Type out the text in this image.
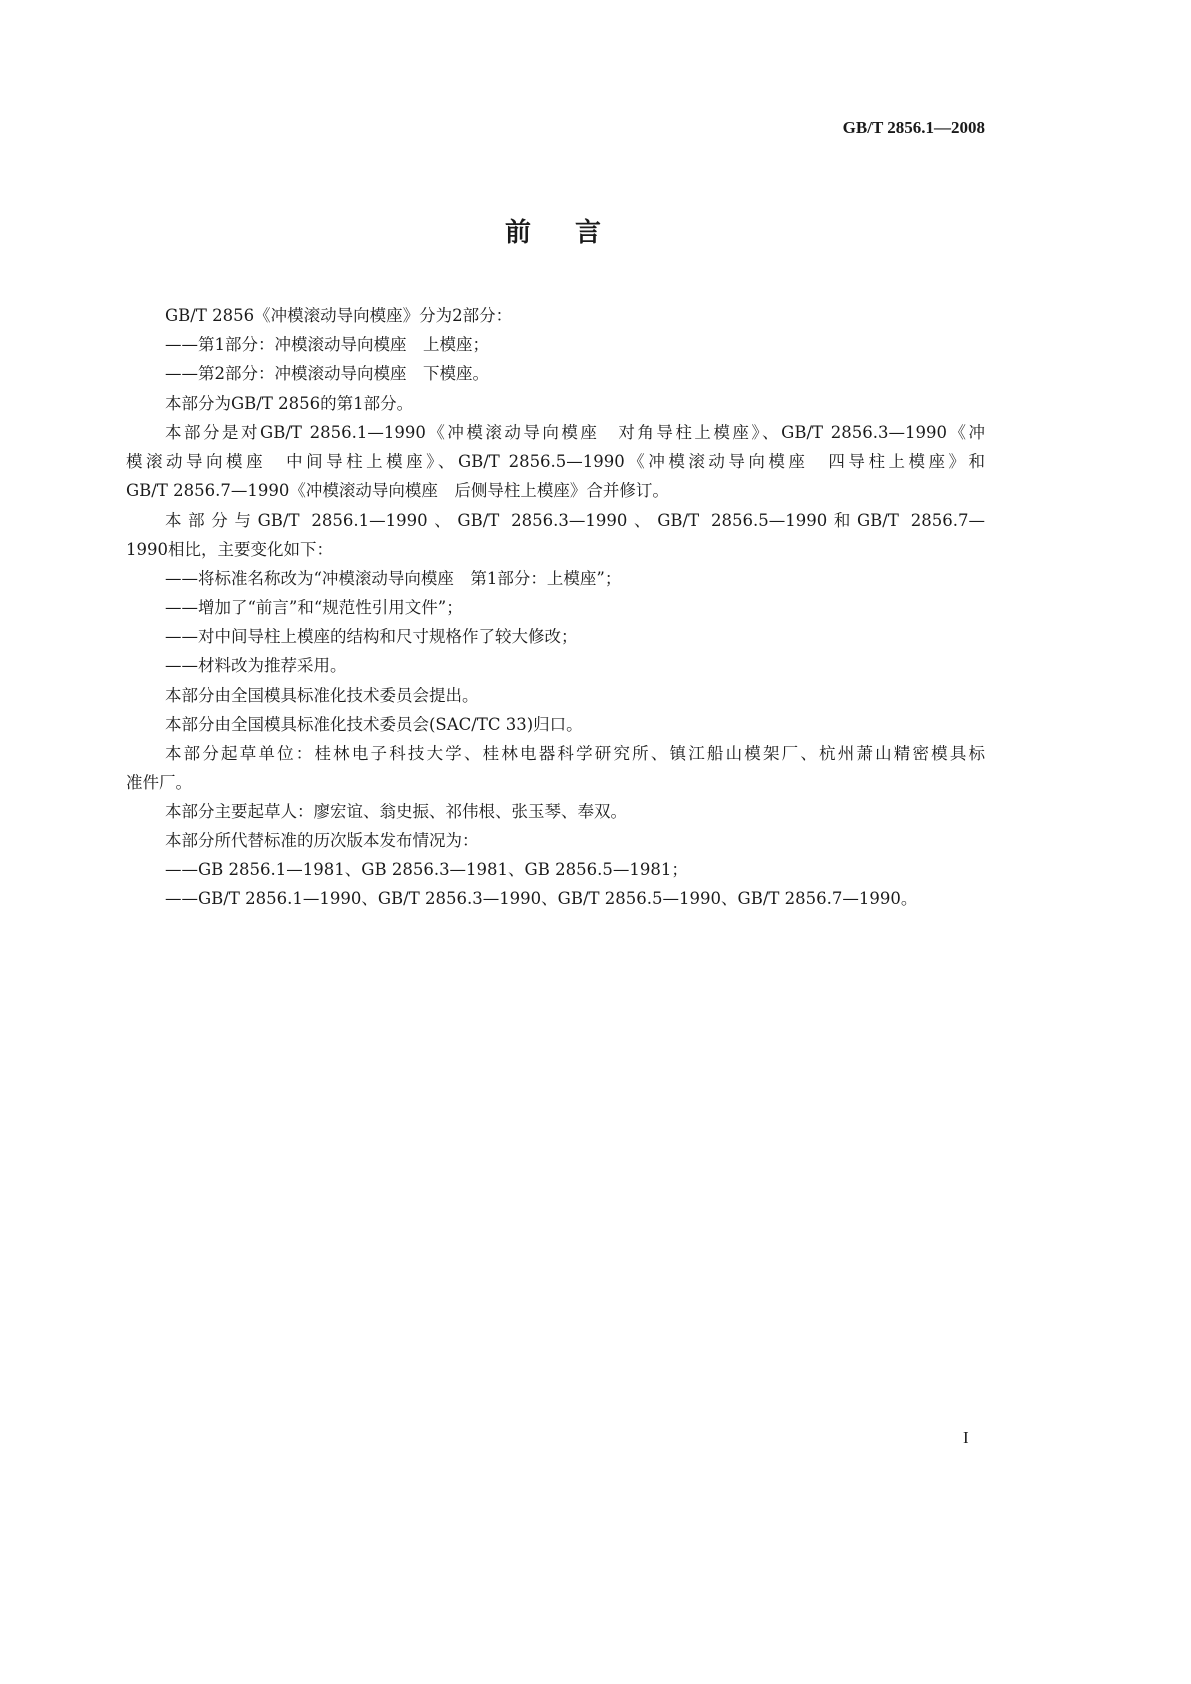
GB/T 2856.1—2008
前言
GB/T 2856《冲模滚动导向模座》分为2部分：
——第1部分：冲模滚动导向模座　上模座；
——第2部分：冲模滚动导向模座　下模座。
本部分为GB/T 2856的第1部分。
本部分是对GB/T 2856.1—1990《冲模滚动导向模座　对角导柱上模座》、GB/T 2856.3—1990《冲
模滚动导向模座　中间导柱上模座》、GB/T 2856.5—1990《冲模滚动导向模座　四导柱上模座》和
GB/T 2856.7—1990《冲模滚动导向模座　后侧导柱上模座》合并修订。
本部分与GB/T 2856.1—1990、GB/T 2856.3—1990、GB/T 2856.5—1990和GB/T 2856.7—
1990相比，主要变化如下：
——将标准名称改为“冲模滚动导向模座　第1部分：上模座”；
——增加了“前言”和“规范性引用文件”；
——对中间导柱上模座的结构和尺寸规格作了较大修改；
——材料改为推荐采用。
本部分由全国模具标准化技术委员会提出。
本部分由全国模具标准化技术委员会(SAC/TC 33)归口。
本部分起草单位：桂林电子科技大学、桂林电器科学研究所、镇江船山模架厂、杭州萧山精密模具标
准件厂。
本部分主要起草人：廖宏谊、翁史振、祁伟根、张玉琴、奉双。
本部分所代替标准的历次版本发布情况为：
——GB 2856.1—1981、GB 2856.3—1981、GB 2856.5—1981；
——GB/T 2856.1—1990、GB/T 2856.3—1990、GB/T 2856.5—1990、GB/T 2856.7—1990。
I
